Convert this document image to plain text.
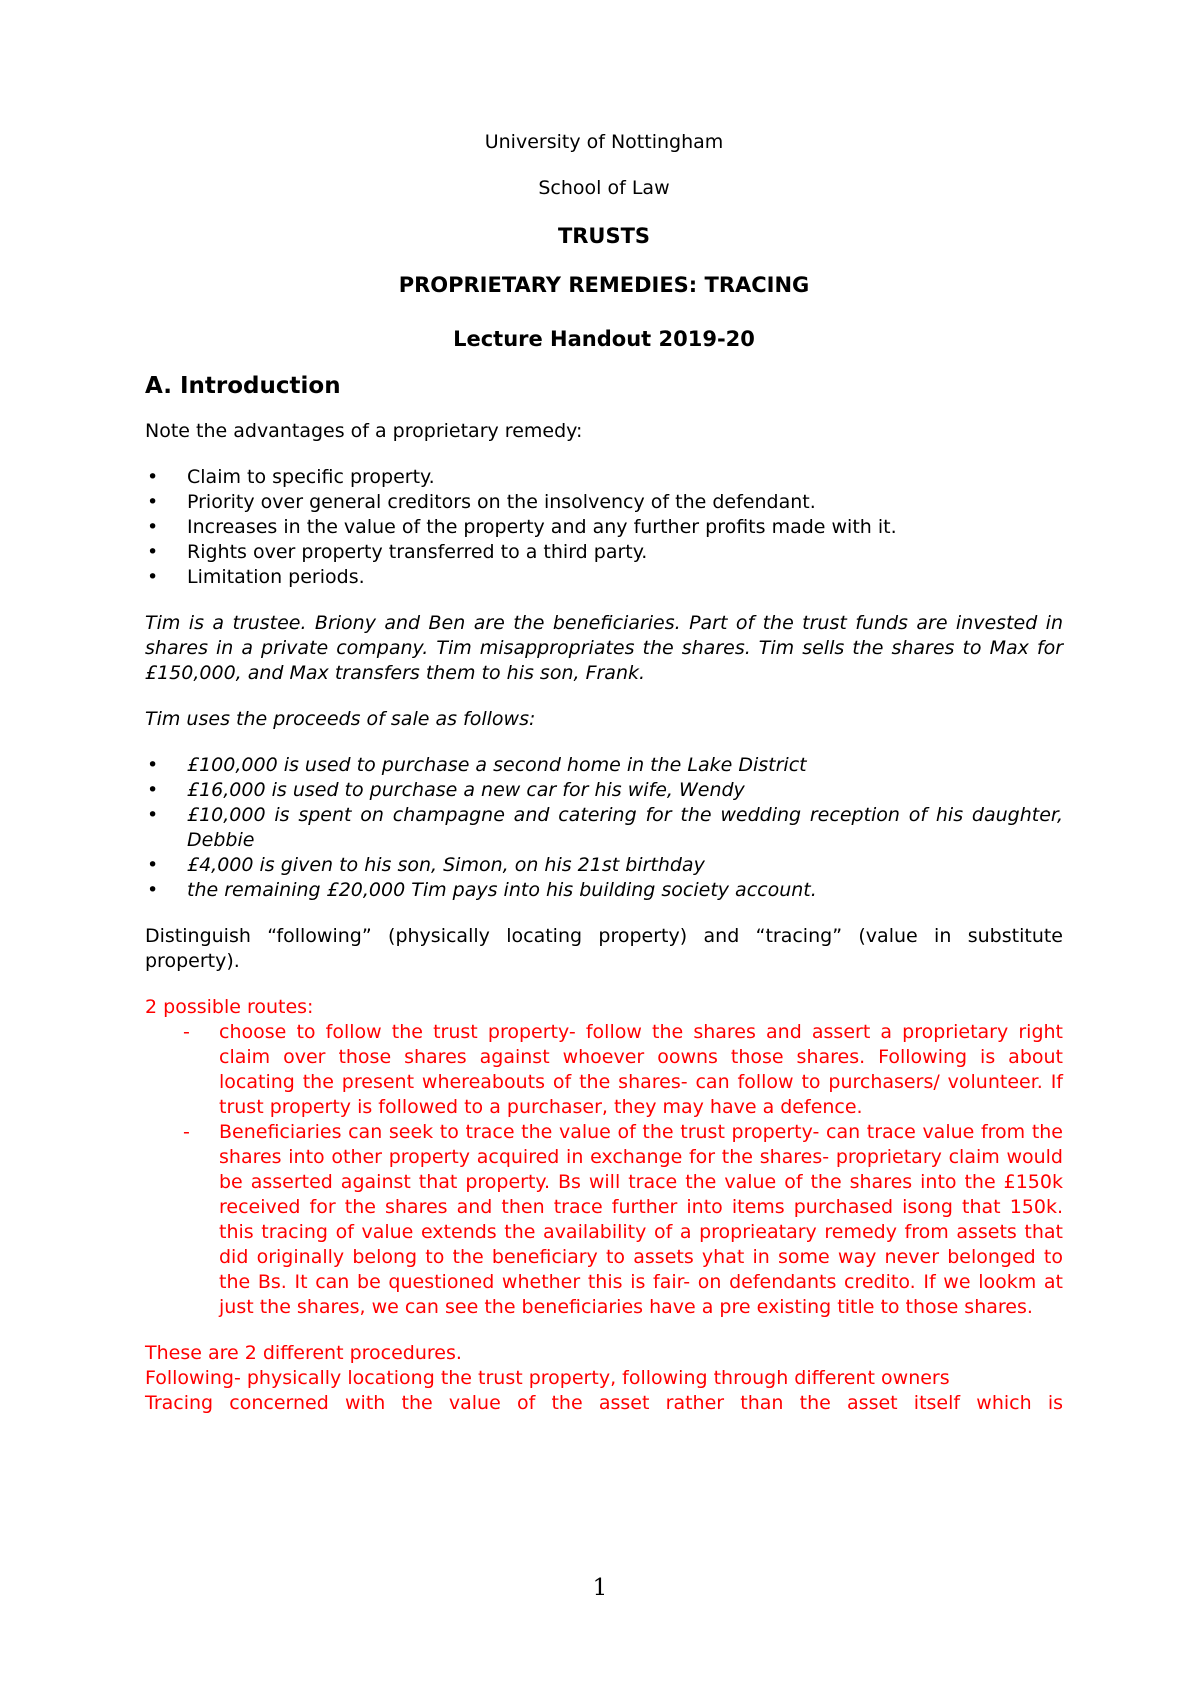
University of Nottingham

School of Law

TRUSTS

PROPRIETARY REMEDIES: TRACING

Lecture Handout 2019-20

A. Introduction

Note the advantages of a proprietary remedy:

• Claim to specific property.
• Priority over general creditors on the insolvency of the defendant.
• Increases in the value of the property and any further profits made with it.
• Rights over property transferred to a third party.
• Limitation periods.

Tim is a trustee. Briony and Ben are the beneficiaries. Part of the trust funds are invested in shares in a private company. Tim misappropriates the shares. Tim sells the shares to Max for £150,000, and Max transfers them to his son, Frank.

Tim uses the proceeds of sale as follows:

• £100,000 is used to purchase a second home in the Lake District
• £16,000 is used to purchase a new car for his wife, Wendy
• £10,000 is spent on champagne and catering for the wedding reception of his daughter, Debbie
• £4,000 is given to his son, Simon, on his 21st birthday
• the remaining £20,000 Tim pays into his building society account.

Distinguish “following” (physically locating property) and “tracing” (value in substitute property).

2 possible routes:

- choose to follow the trust property- follow the shares and assert a proprietary right claim over those shares against whoever oowns those shares. Following is about locating the present whereabouts of the shares- can follow to purchasers/ volunteer. If trust property is followed to a purchaser, they may have a defence.
- Beneficiaries can seek to trace the value of the trust property- can trace value from the shares into other property acquired in exchange for the shares- proprietary claim would be asserted against that property. Bs will trace the value of the shares into the £150k received for the shares and then trace further into items purchased isong that 150k. this tracing of value extends the availability of a proprieatary remedy from assets that did originally belong to the beneficiary to assets yhat in some way never belonged to the Bs. It can be questioned whether this is fair- on defendants credito. If we lookm at just the shares, we can see the beneficiaries have a pre existing title to those shares.

These are 2 different procedures.

Following- physically locationg the trust property, following through different owners

Tracing concerned with the value of the asset rather than the asset itself which is

1
